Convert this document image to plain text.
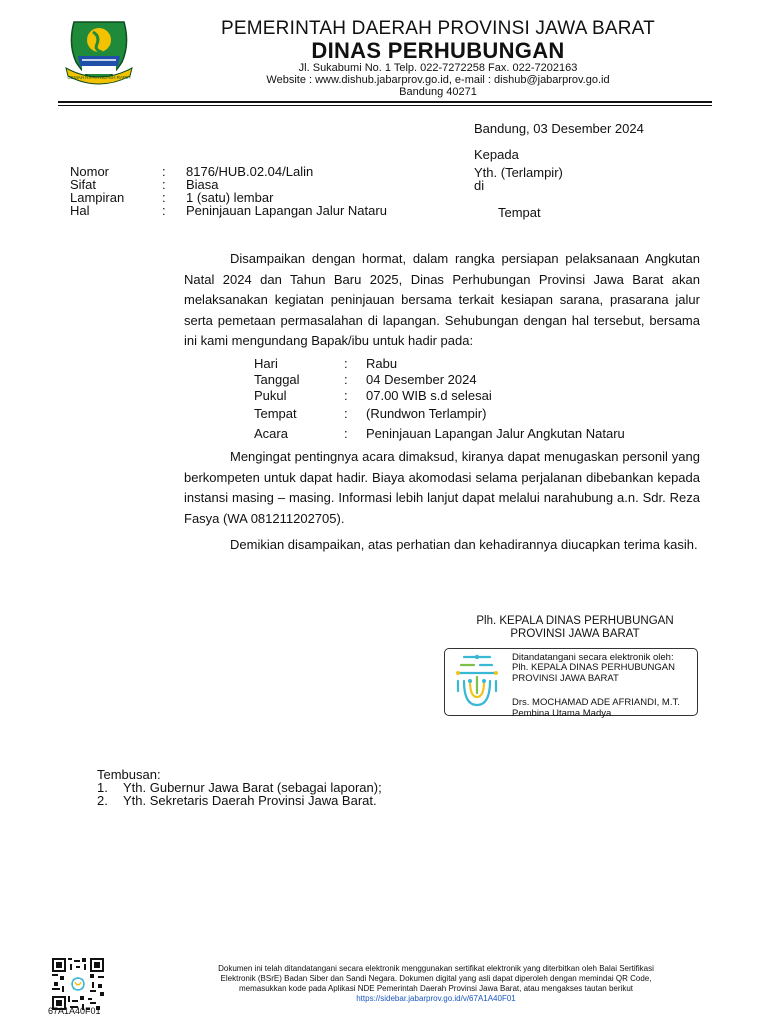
GEMAH RIPAH REPEH RAPIH
PEMERINTAH DAERAH PROVINSI JAWA BARAT
DINAS PERHUBUNGAN
Jl. Sukabumi No. 1 Telp. 022-7272258 Fax. 022-7202163
Website : www.dishub.jabarprov.go.id, e-mail : dishub@jabarprov.go.id
Bandung 40271
Bandung, 03 Desember 2024
Kepada
Yth. (Terlampir)
di
Tempat
Nomor	: 8176/HUB.02.04/Lalin
Sifat	: Biasa
Lampiran	: 1 (satu) lembar
Hal	: Peninjauan Lapangan Jalur Nataru
Disampaikan dengan hormat, dalam rangka persiapan pelaksanaan Angkutan Natal 2024 dan Tahun Baru 2025, Dinas Perhubungan Provinsi Jawa Barat akan melaksanakan kegiatan peninjauan bersama terkait kesiapan sarana, prasarana jalur serta pemetaan permasalahan di lapangan. Sehubungan dengan hal tersebut, bersama ini kami mengundang Bapak/ibu untuk hadir pada:
Hari	: Rabu
Tanggal	: 04 Desember 2024
Pukul	: 07.00 WIB s.d selesai
Tempat	: (Rundwon Terlampir)
Acara	: Peninjauan Lapangan Jalur Angkutan Nataru
Mengingat pentingnya acara dimaksud, kiranya dapat menugaskan personil yang berkompeten untuk dapat hadir. Biaya akomodasi selama perjalanan dibebankan kepada instansi masing – masing. Informasi lebih lanjut dapat melalui narahubung a.n. Sdr. Reza Fasya (WA 081211202705).
Demikian disampaikan, atas perhatian dan kehadirannya diucapkan terima kasih.
Plh. KEPALA DINAS PERHUBUNGAN
PROVINSI JAWA BARAT
Ditandatangani secara elektronik oleh:
Plh. KEPALA DINAS PERHUBUNGAN
PROVINSI JAWA BARAT
Drs. MOCHAMAD ADE AFRIANDI, M.T.
Pembina Utama Madya
Tembusan:
1. Yth. Gubernur Jawa Barat (sebagai laporan);
2. Yth. Sekretaris Daerah Provinsi Jawa Barat.
67A1A40F01
Dokumen ini telah ditandatangani secara elektronik menggunakan sertifikat elektronik yang diterbitkan oleh Balai Sertifikasi
Elektronik (BSrE) Badan Siber dan Sandi Negara. Dokumen digital yang asli dapat diperoleh dengan memindai QR Code,
memasukkan kode pada Aplikasi NDE Pemerintah Daerah Provinsi Jawa Barat, atau mengakses tautan berikut
https://sidebar.jabarprov.go.id/v/67A1A40F01
